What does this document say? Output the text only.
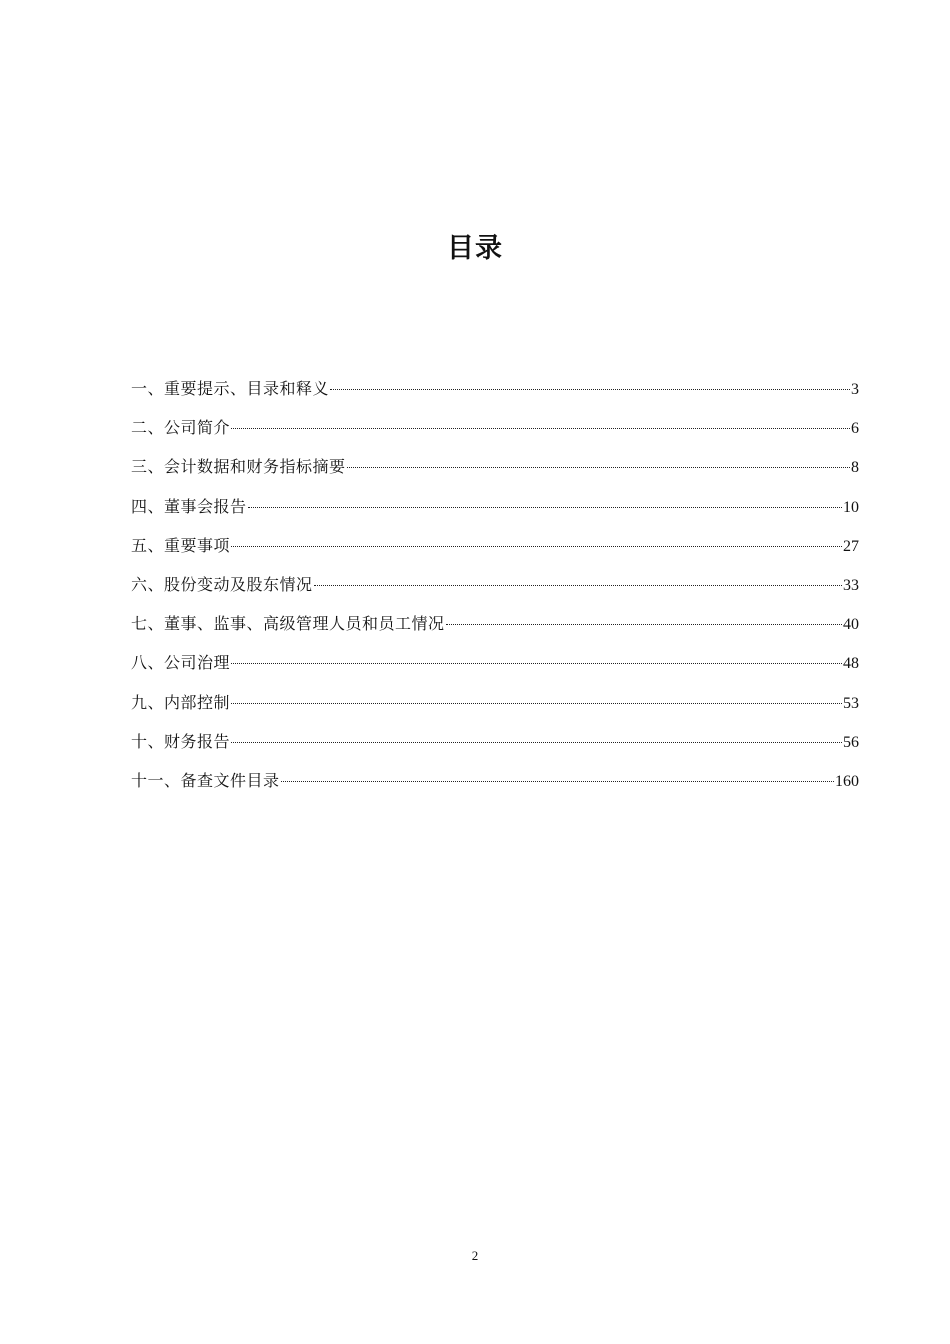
目录
一、重要提示、目录和释义	3
二、公司简介	6
三、会计数据和财务指标摘要	8
四、董事会报告	10
五、重要事项	27
六、股份变动及股东情况	33
七、董事、监事、高级管理人员和员工情况	40
八、公司治理	48
九、内部控制	53
十、财务报告	56
十一、备查文件目录	160
2
